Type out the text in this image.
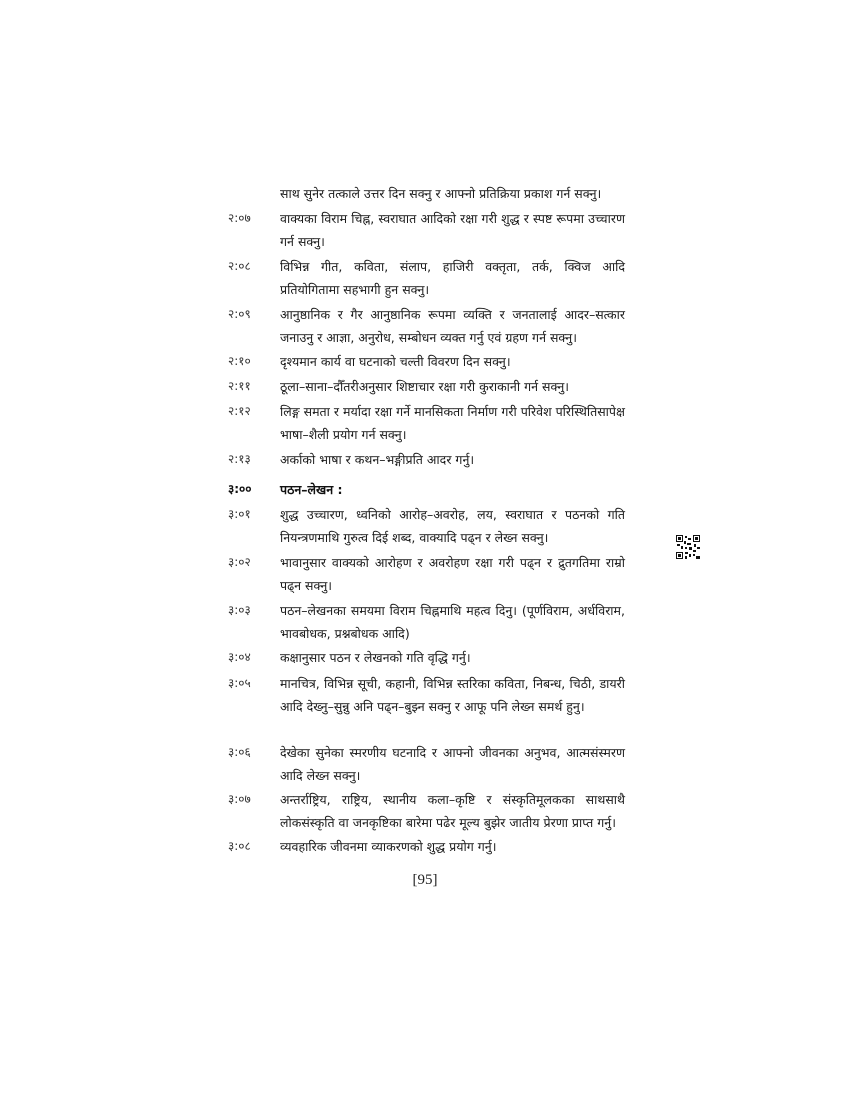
साथ सुनेर तत्काले उत्तर दिन सक्नु र आफ्नो प्रतिक्रिया प्रकाश गर्न सक्नु।
२:०७	वाक्यका विराम चिह्न, स्वराघात आदिको रक्षा गरी शुद्ध र स्पष्ट रूपमा उच्चारण गर्न सक्नु।
२:०८	विभिन्न गीत, कविता, संलाप, हाजिरी वक्तृता, तर्क, क्विज आदि प्रतियोगितामा सहभागी हुन सक्नु।
२:०९	आनुष्ठानिक र गैर आनुष्ठानिक रूपमा व्यक्ति र जनतालाई आदर–सत्कार जनाउनु र आज्ञा, अनुरोध, सम्बोधन व्यक्त गर्नु एवं ग्रहण गर्न सक्नु।
२:१०	दृश्यमान कार्य वा घटनाको चल्ती विवरण दिन सक्नु।
२:११	ठूला–साना–दौँतरीअनुसार शिष्टाचार रक्षा गरी कुराकानी गर्न सक्नु।
२:१२	लिङ्ग समता र मर्यादा रक्षा गर्ने मानसिकता निर्माण गरी परिवेश परिस्थितिसापेक्ष भाषा–शैली प्रयोग गर्न सक्नु।
२:१३	अर्काको भाषा र कथन–भङ्गीप्रति आदर गर्नु।
३:००	पठन–लेखन :
३:०१	शुद्ध उच्चारण, ध्वनिको आरोह–अवरोह, लय, स्वराघात र पठनको गति नियन्त्रणमाथि गुरुत्व दिई शब्द, वाक्यादि पढ्न र लेख्न सक्नु।
३:०२	भावानुसार वाक्यको आरोहण र अवरोहण रक्षा गरी पढ्न र द्रुतगतिमा राम्रो पढ्न सक्नु।
३:०३	पठन–लेखनका समयमा विराम चिह्नमाथि महत्व दिनु। (पूर्णविराम, अर्धविराम, भावबोधक, प्रश्नबोधक आदि)
३:०४	कक्षानुसार पठन र लेखनको गति वृद्धि गर्नु।
३:०५	मानचित्र, विभिन्न सूची, कहानी, विभिन्न स्तरिका कविता, निबन्ध, चिठी, डायरी आदि देख्नु–सुन्नु अनि पढ्न–बुझ्न सक्नु र आफू पनि लेख्न समर्थ हुनु।
३:०६	देखेका सुनेका स्मरणीय घटनादि र आफ्नो जीवनका अनुभव, आत्मसंस्मरण आदि लेख्न सक्नु।
३:०७	अन्तर्राष्ट्रिय, राष्ट्रिय, स्थानीय कला–कृष्टि र संस्कृतिमूलकका साथसाथै लोकसंस्कृति वा जनकृष्टिका बारेमा पढेर मूल्य बुझेर जातीय प्रेरणा प्राप्त गर्नु।
३:०८	व्यवहारिक जीवनमा व्याकरणको शुद्ध प्रयोग गर्नु।
[95]
